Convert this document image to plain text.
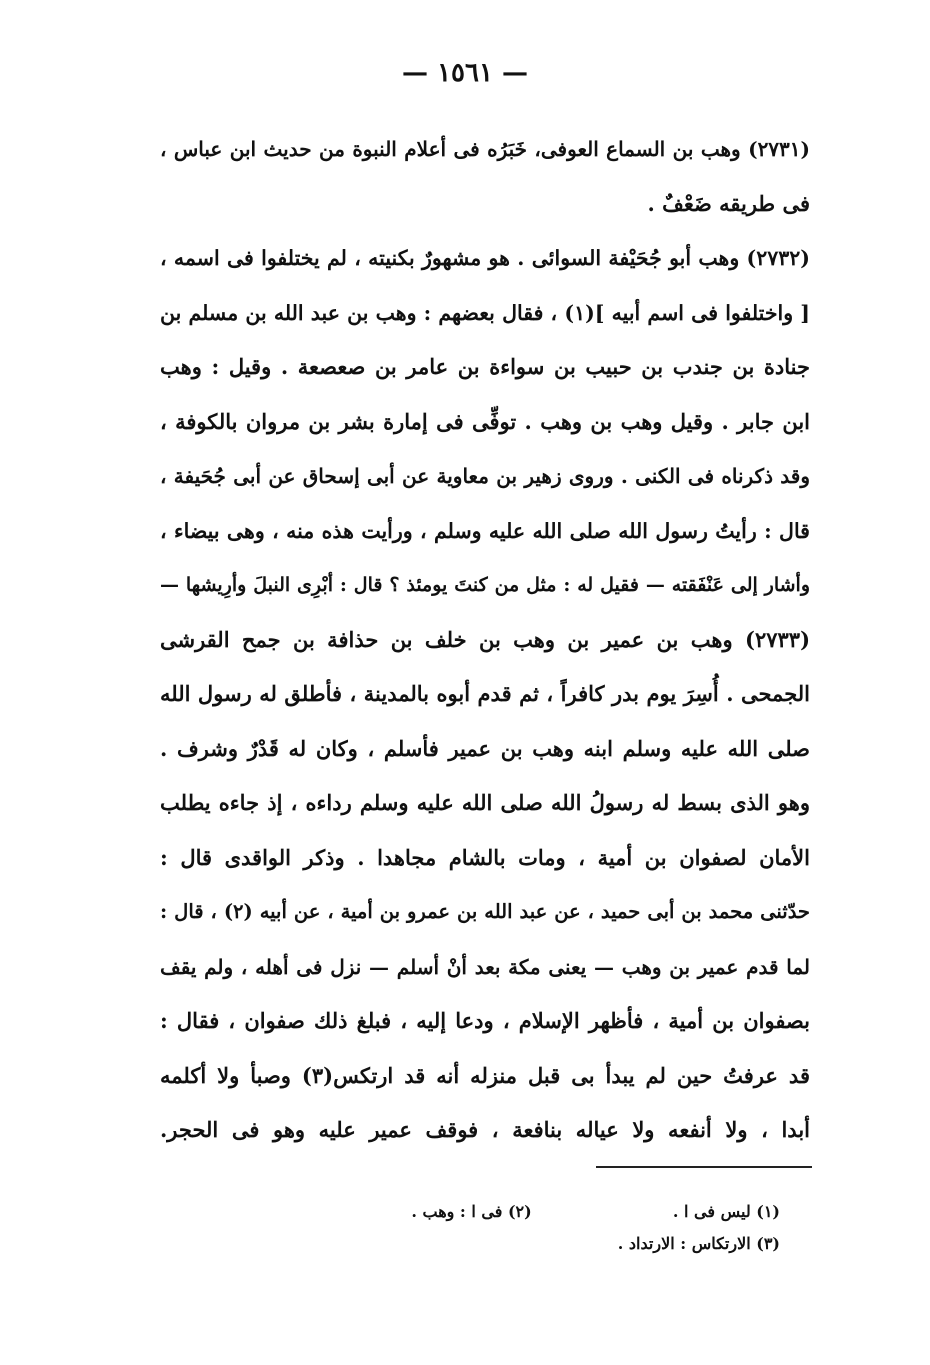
— ١٥٦١ —
(٢٧٣١) وهب بن السماع العوفى، خَبَرُه فى أعلام النبوة من حديث ابن عباس ،
فى طريقه ضَعْفٌ .
(٢٧٣٢) وهب أبو جُحَيْفة السوائى . هو مشهورٌ بكنيته ، لم يختلفوا فى اسمه ،
[ واختلفوا فى اسم أبيه ](١) ، فقال بعضهم : وهب بن عبد الله بن مسلم بن
جنادة بن جندب بن حبيب بن سواءة بن عامر بن صعصعة . وقيل : وهب
ابن جابر . وقيل وهب بن وهب . توفِّى فى إمارة بشر بن مروان بالكوفة ،
وقد ذكرناه فى الكنى . وروى زهير بن معاوية عن أبى إسحاق عن أبى جُحَيفة ،
قال : رأيتُ رسول الله صلى الله عليه وسلم ، ورأيت هذه منه ، وهى بيضاء ،
وأشار إلى عَنْفَقته — فقيل له : مثل من كنتَ يومئذ ؟ قال : أبْرِى النبلَ وأرِيشها —
(٢٧٣٣) وهب بن عمير بن وهب بن خلف بن حذافة بن جمح القرشى
الجمحى . أُسِرَ يوم بدر كافراً ، ثم قدم أبوه بالمدينة ، فأطلق له رسول الله
صلى الله عليه وسلم ابنه وهب بن عمير فأسلم ، وكان له قَدْرٌ وشرف .
وهو الذى بسط له رسولُ الله صلى الله عليه وسلم رداءه ، إذ جاءه يطلب
الأمان لصفوان بن أمية ، ومات بالشام مجاهدا . وذكر الواقدى قال :
حدّثنى محمد بن أبى حميد ، عن عبد الله بن عمرو بن أمية ، عن أبيه (٢) ، قال :
لما قدم عمير بن وهب — يعنى مكة بعد أنْ أسلم — نزل فى أهله ، ولم يقف
بصفوان بن أمية ، فأظهر الإسلام ، ودعا إليه ، فبلغ ذلك صفوان ، فقال :
قد عرفتُ حين لم يبدأ بى قبل منزله أنه قد ارتكس(٣) وصبأ ولا أكلمه
أبدا ، ولا أنفعه ولا عياله بنافعة ، فوقف عمير عليه وهو فى الحجر.
(١) ليس فى ا .  (٢) فى ا : وهب .
(٣) الارتكاس : الارتداد .
